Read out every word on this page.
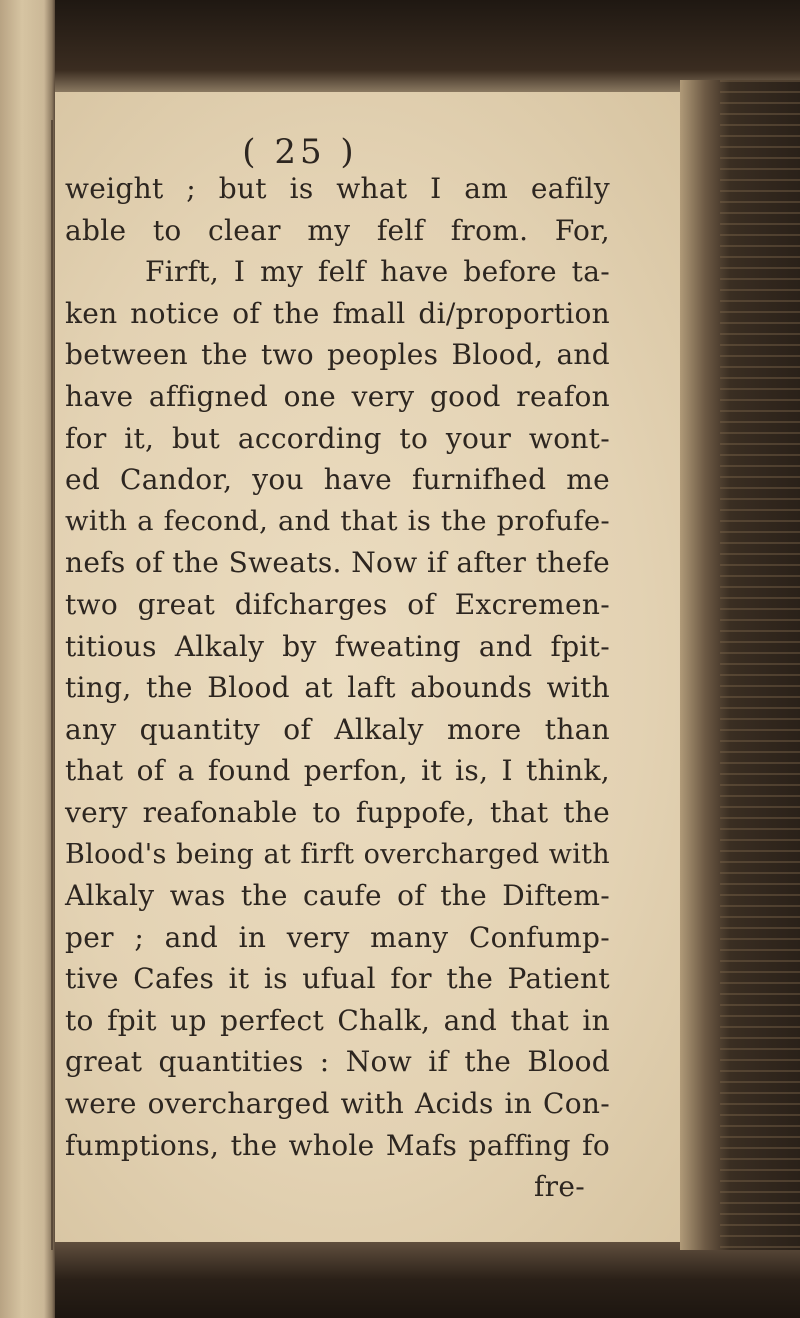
( 25 )
weight ; but is what I am eafily
able to clear my felf from. For,
Firft, I my felf have before ta-
ken notice of the fmall di/proportion
between the two peoples Blood, and
have affigned one very good reafon
for it, but according to your wont-
ed Candor, you have furnifhed me
with a fecond, and that is the profufe-
nefs of the Sweats. Now if after thefe
two great difcharges of Excremen-
titious Alkaly by fweating and fpit-
ting, the Blood at laft abounds with
any quantity of Alkaly more than
that of a found perfon, it is, I think,
very reafonable to fuppofe, that the
Blood's being at firft overcharged with
Alkaly was the caufe of the Diftem-
per ; and in very many Confump-
tive Cafes it is ufual for the Patient
to fpit up perfect Chalk, and that in
great quantities : Now if the Blood
were overcharged with Acids in Con-
fumptions, the whole Mafs paffing fo
fre-
